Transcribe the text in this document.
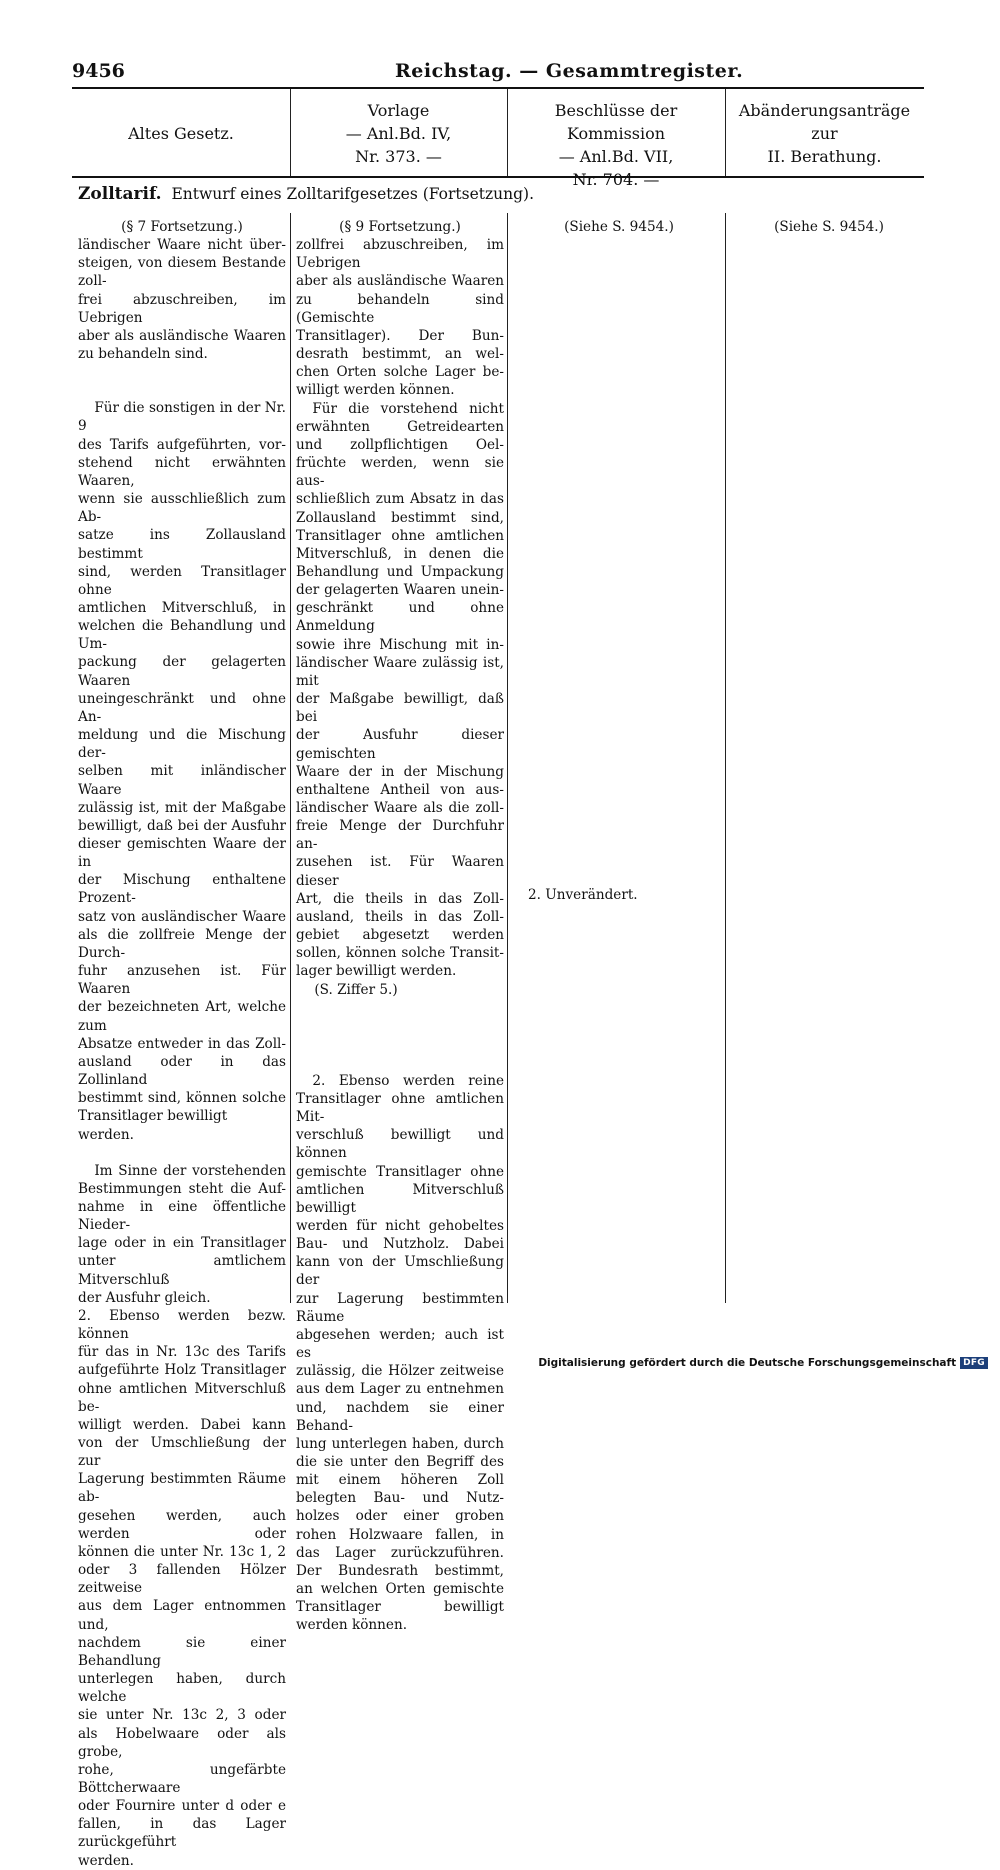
9456	Reichstag. — Gesammtregister.
Altes Gesetz.
Vorlage
— Anl.Bd. IV,
Nr. 373. —
Beschlüsse der Kommission
— Anl.Bd. VII,
Nr. 704. —
Abänderungsanträge
zur
II. Berathung.
Zolltarif. Entwurf eines Zolltarifgesetzes (Fortsetzung).
(§ 7 Fortsetzung.)

ländischer Waare nicht über-

steigen, von diesem Bestande zoll-

frei abzuschreiben, im Uebrigen

aber als ausländische Waaren

zu behandeln sind.

Für die sonstigen in der Nr. 9

des Tarifs aufgeführten, vor-

stehend nicht erwähnten Waaren,

wenn sie ausschließlich zum Ab-

satze ins Zollausland bestimmt

sind, werden Transitlager ohne

amtlichen Mitverschluß, in

welchen die Behandlung und Um-

packung der gelagerten Waaren

uneingeschränkt und ohne An-

meldung und die Mischung der-

selben mit inländischer Waare

zulässig ist, mit der Maßgabe

bewilligt, daß bei der Ausfuhr

dieser gemischten Waare der in

der Mischung enthaltene Prozent-

satz von ausländischer Waare

als die zollfreie Menge der Durch-

fuhr anzusehen ist. Für Waaren

der bezeichneten Art, welche zum

Absatze entweder in das Zoll-

ausland oder in das Zollinland

bestimmt sind, können solche

Transitlager bewilligt werden.

Im Sinne der vorstehenden

Bestimmungen steht die Auf-

nahme in eine öffentliche Nieder-

lage oder in ein Transitlager

unter amtlichem Mitverschluß

der Ausfuhr gleich.

2. Ebenso werden bezw. können

für das in Nr. 13c des Tarifs

aufgeführte Holz Transitlager

ohne amtlichen Mitverschluß be-

willigt werden. Dabei kann

von der Umschließung der zur

Lagerung bestimmten Räume ab-

gesehen werden, auch werden oder

können die unter Nr. 13c 1, 2

oder 3 fallenden Hölzer zeitweise

aus dem Lager entnommen und,

nachdem sie einer Behandlung

unterlegen haben, durch welche

sie unter Nr. 13c 2, 3 oder

als Hobelwaare oder als grobe,

rohe, ungefärbte Böttcherwaare

oder Fournire unter d oder e

fallen, in das Lager zurückgeführt

werden.

(§ 9 Fortsetzung.)

zollfrei abzuschreiben, im Uebrigen

aber als ausländische Waaren

zu behandeln sind (Gemischte

Transitlager). Der Bun-

desrath bestimmt, an wel-

chen Orten solche Lager be-

willigt werden können.

Für die vorstehend nicht

erwähnten Getreidearten

und zollpflichtigen Oel-

früchte werden, wenn sie aus-

schließlich zum Absatz in das

Zollausland bestimmt sind,

Transitlager ohne amtlichen

Mitverschluß, in denen die

Behandlung und Umpackung

der gelagerten Waaren unein-

geschränkt und ohne Anmeldung

sowie ihre Mischung mit in-

ländischer Waare zulässig ist, mit

der Maßgabe bewilligt, daß bei

der Ausfuhr dieser gemischten

Waare der in der Mischung

enthaltene Antheil von aus-

ländischer Waare als die zoll-

freie Menge der Durchfuhr an-

zusehen ist. Für Waaren dieser

Art, die theils in das Zoll-

ausland, theils in das Zoll-

gebiet abgesetzt werden

sollen, können solche Transit-

lager bewilligt werden.

(S. Ziffer 5.)

2. Ebenso werden reine

Transitlager ohne amtlichen Mit-

verschluß bewilligt und können

gemischte Transitlager ohne

amtlichen Mitverschluß bewilligt

werden für nicht gehobeltes

Bau- und Nutzholz. Dabei

kann von der Umschließung der

zur Lagerung bestimmten Räume

abgesehen werden; auch ist es

zulässig, die Hölzer zeitweise

aus dem Lager zu entnehmen

und, nachdem sie einer Behand-

lung unterlegen haben, durch

die sie unter den Begriff des

mit einem höheren Zoll

belegten Bau- und Nutz-

holzes oder einer groben

rohen Holzwaare fallen, in

das Lager zurückzuführen.

Der Bundesrath bestimmt,

an welchen Orten gemischte

Transitlager bewilligt

werden können.

(Siehe S. 9454.)
2. Unverändert.
(Siehe S. 9454.)
Digitalisierung gefördert durch die Deutsche Forschungsgemeinschaft DFG
